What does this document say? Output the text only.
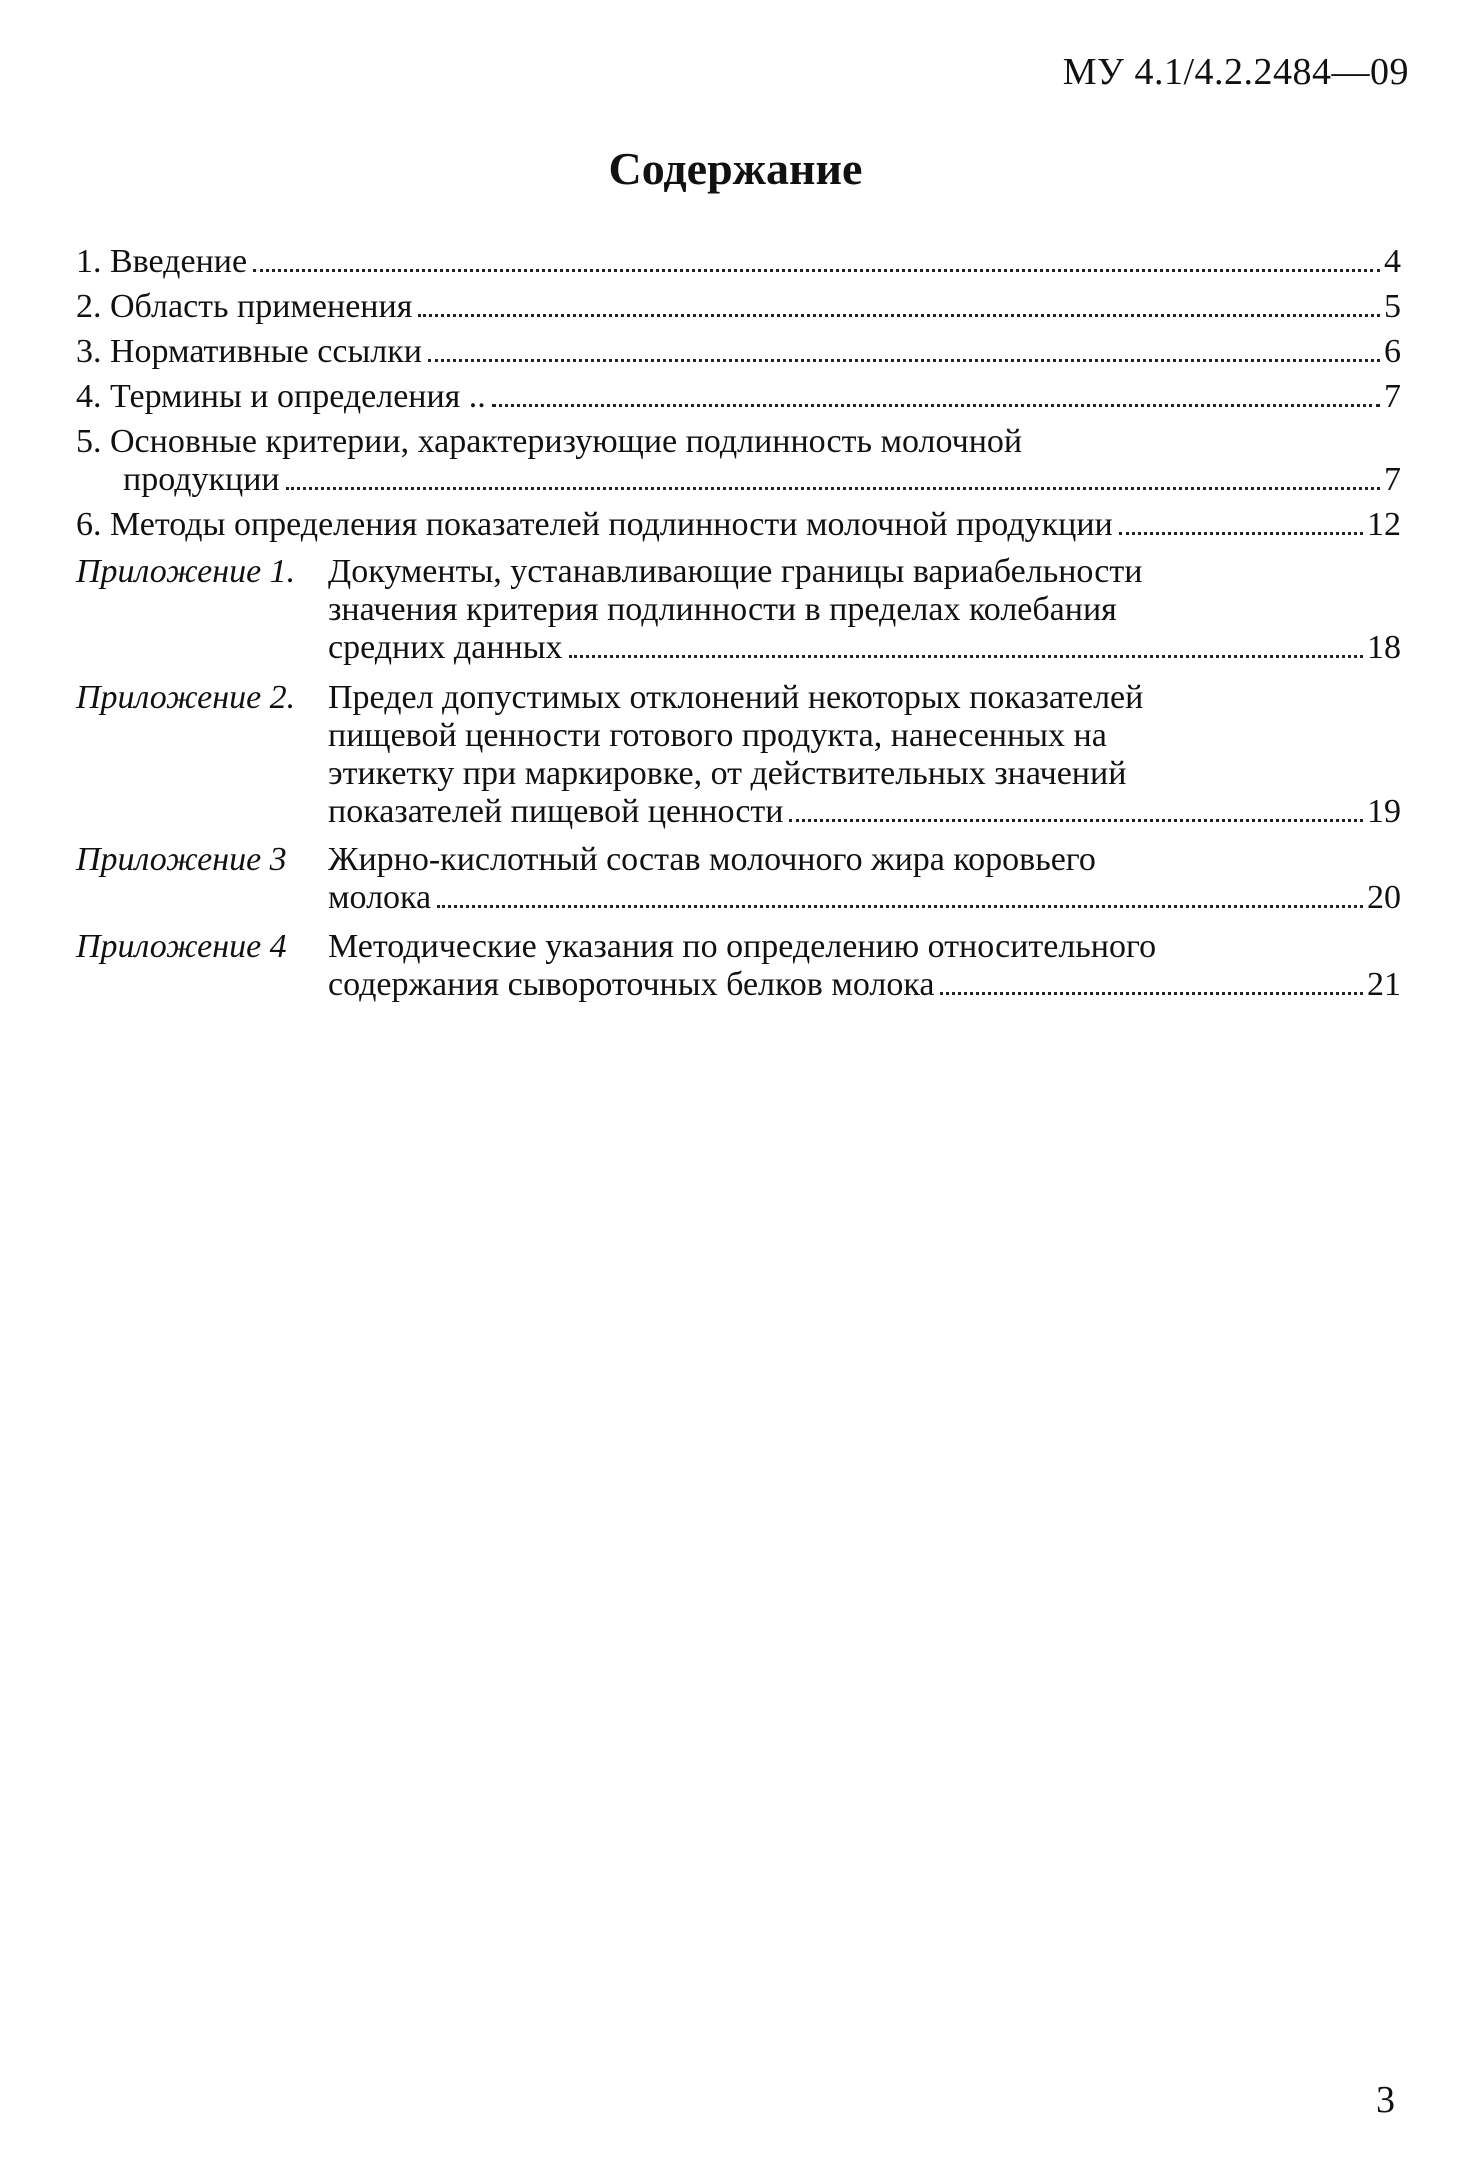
МУ 4.1/4.2.2484—09
Содержание
1. Введение	4
2. Область применения	5
3. Нормативные ссылки	6
4. Термины и определения ..	7
5. Основные критерии, характеризующие подлинность молочной
продукции	7
6. Методы определения показателей подлинности молочной продукции	12
Приложение 1. Документы, устанавливающие границы вариабельности
значения критерия подлинности в пределах колебания
средних данных	18
Приложение 2. Предел допустимых отклонений некоторых показателей
пищевой ценности готового продукта, нанесенных на
этикетку при маркировке, от действительных значений
показателей пищевой ценности	19
Приложение 3 Жирно-кислотный состав молочного жира коровьего
молока	20
Приложение 4 Методические указания по определению относительного
содержания сывороточных белков молока	21
3
